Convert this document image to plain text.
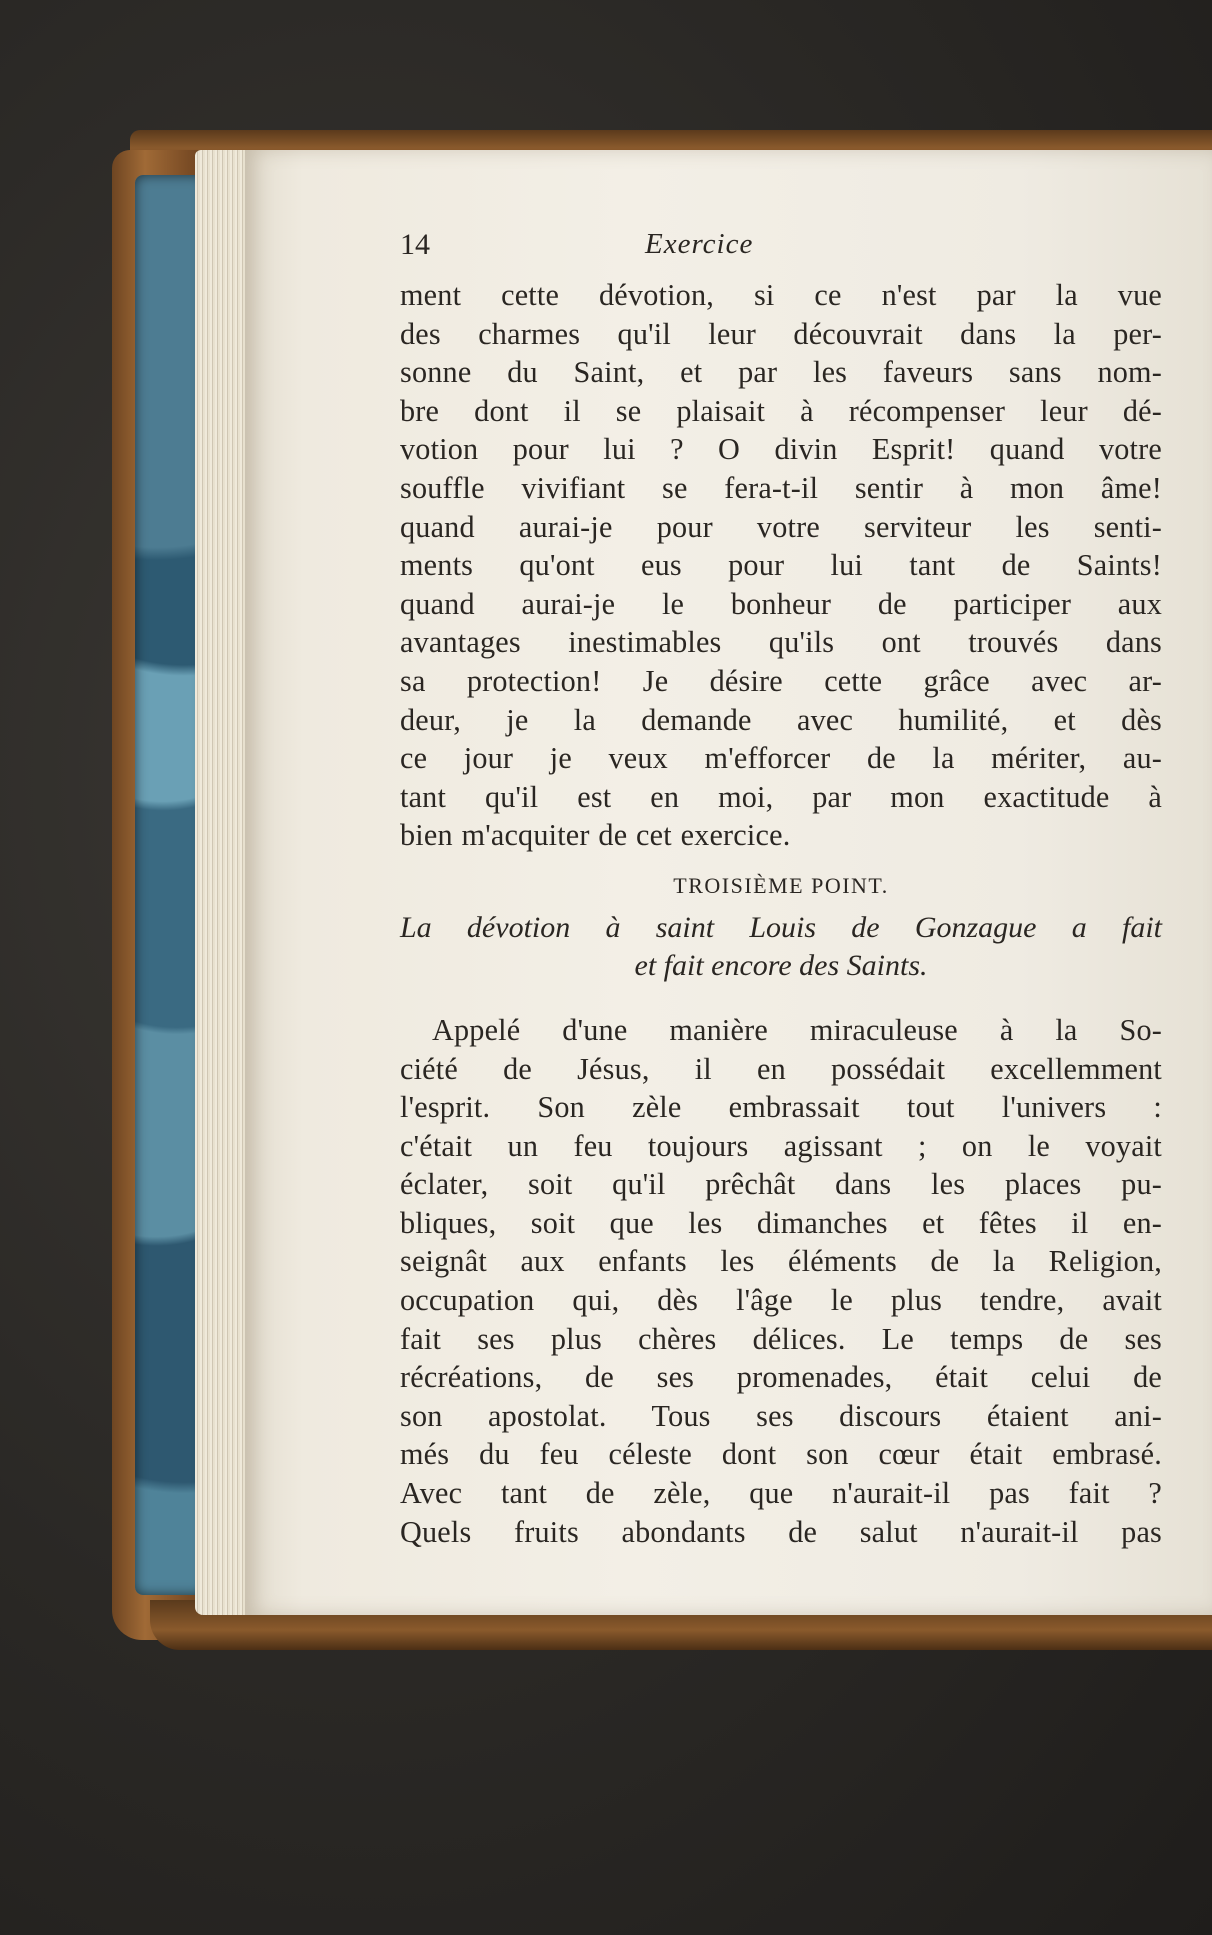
14	Exercice
ment cette dévotion, si ce n'est par la vue
des charmes qu'il leur découvrait dans la per-
sonne du Saint, et par les faveurs sans nom-
bre dont il se plaisait à récompenser leur dé-
votion pour lui ? O divin Esprit! quand votre
souffle vivifiant se fera-t-il sentir à mon âme!
quand aurai-je pour votre serviteur les senti-
ments qu'ont eus pour lui tant de Saints!
quand aurai-je le bonheur de participer aux
avantages inestimables qu'ils ont trouvés dans
sa protection! Je désire cette grâce avec ar-
deur, je la demande avec humilité, et dès
ce jour je veux m'efforcer de la mériter, au-
tant qu'il est en moi, par mon exactitude à
bien m'acquiter de cet exercice.
TROISIÈME POINT.
La dévotion à saint Louis de Gonzague a fait
et fait encore des Saints.
Appelé d'une manière miraculeuse à la So-
ciété de Jésus, il en possédait excellemment
l'esprit. Son zèle embrassait tout l'univers :
c'était un feu toujours agissant ; on le voyait
éclater, soit qu'il prêchât dans les places pu-
bliques, soit que les dimanches et fêtes il en-
seignât aux enfants les éléments de la Religion,
occupation qui, dès l'âge le plus tendre, avait
fait ses plus chères délices. Le temps de ses
récréations, de ses promenades, était celui de
son apostolat. Tous ses discours étaient ani-
més du feu céleste dont son cœur était embrasé.
Avec tant de zèle, que n'aurait-il pas fait ?
Quels fruits abondants de salut n'aurait-il pas
